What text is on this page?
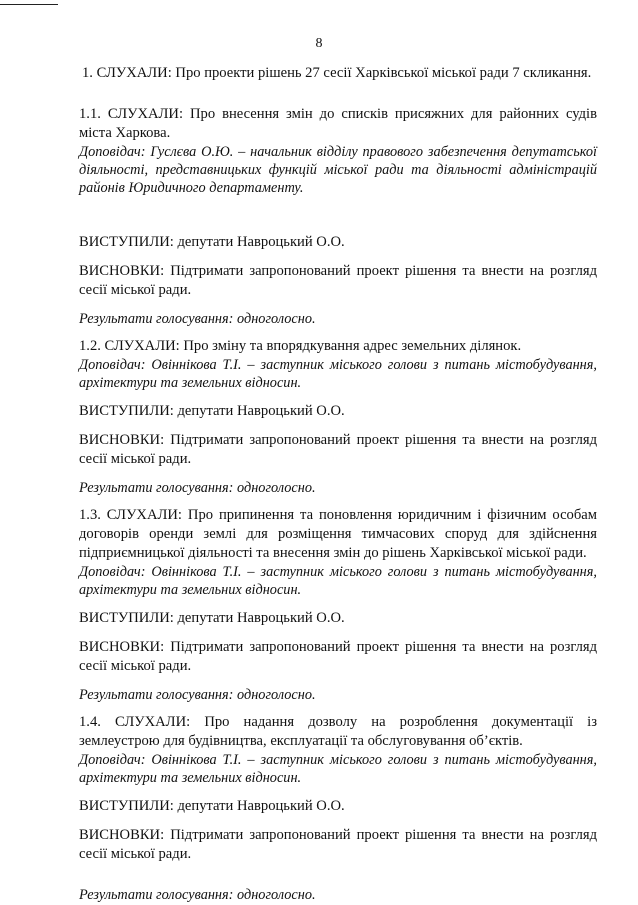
8

1. СЛУХАЛИ: Про проекти рішень 27 сесії Харківської міської ради 7 скликання.

1.1. СЛУХАЛИ: Про внесення змін до списків присяжних для районних судів міста Харкова.

Доповідач: Гуслєва О.Ю. – начальник відділу правового забезпечення депутатської діяльності, представницьких функцій міської ради та діяльності адміністрацій районів Юридичного департаменту.

ВИСТУПИЛИ: депутати Навроцький О.О.

ВИСНОВКИ: Підтримати запропонований проект рішення та внести на розгляд сесії міської ради.

Результати голосування: одноголосно.

1.2. СЛУХАЛИ: Про зміну та впорядкування адрес земельних ділянок.

Доповідач: Овіннікова Т.І. – заступник міського голови з питань містобудування, архітектури та земельних відносин.

ВИСТУПИЛИ: депутати Навроцький О.О.

ВИСНОВКИ: Підтримати запропонований проект рішення та внести на розгляд сесії міської ради.

Результати голосування: одноголосно.

1.3. СЛУХАЛИ: Про припинення та поновлення юридичним і фізичним особам договорів оренди землі для розміщення тимчасових споруд для здійснення підприємницької діяльності та внесення змін до рішень Харківської міської ради.

Доповідач: Овіннікова Т.І. – заступник міського голови з питань містобудування, архітектури та земельних відносин.

ВИСТУПИЛИ: депутати Навроцький О.О.

ВИСНОВКИ: Підтримати запропонований проект рішення та внести на розгляд сесії міської ради.

Результати голосування: одноголосно.

1.4. СЛУХАЛИ: Про надання дозволу на розроблення документації із землеустрою для будівництва, експлуатації та обслуговування об’єктів.

Доповідач: Овіннікова Т.І. – заступник міського голови з питань містобудування, архітектури та земельних відносин.

ВИСТУПИЛИ: депутати Навроцький О.О.

ВИСНОВКИ: Підтримати запропонований проект рішення та внести на розгляд сесії міської ради.

Результати голосування: одноголосно.
